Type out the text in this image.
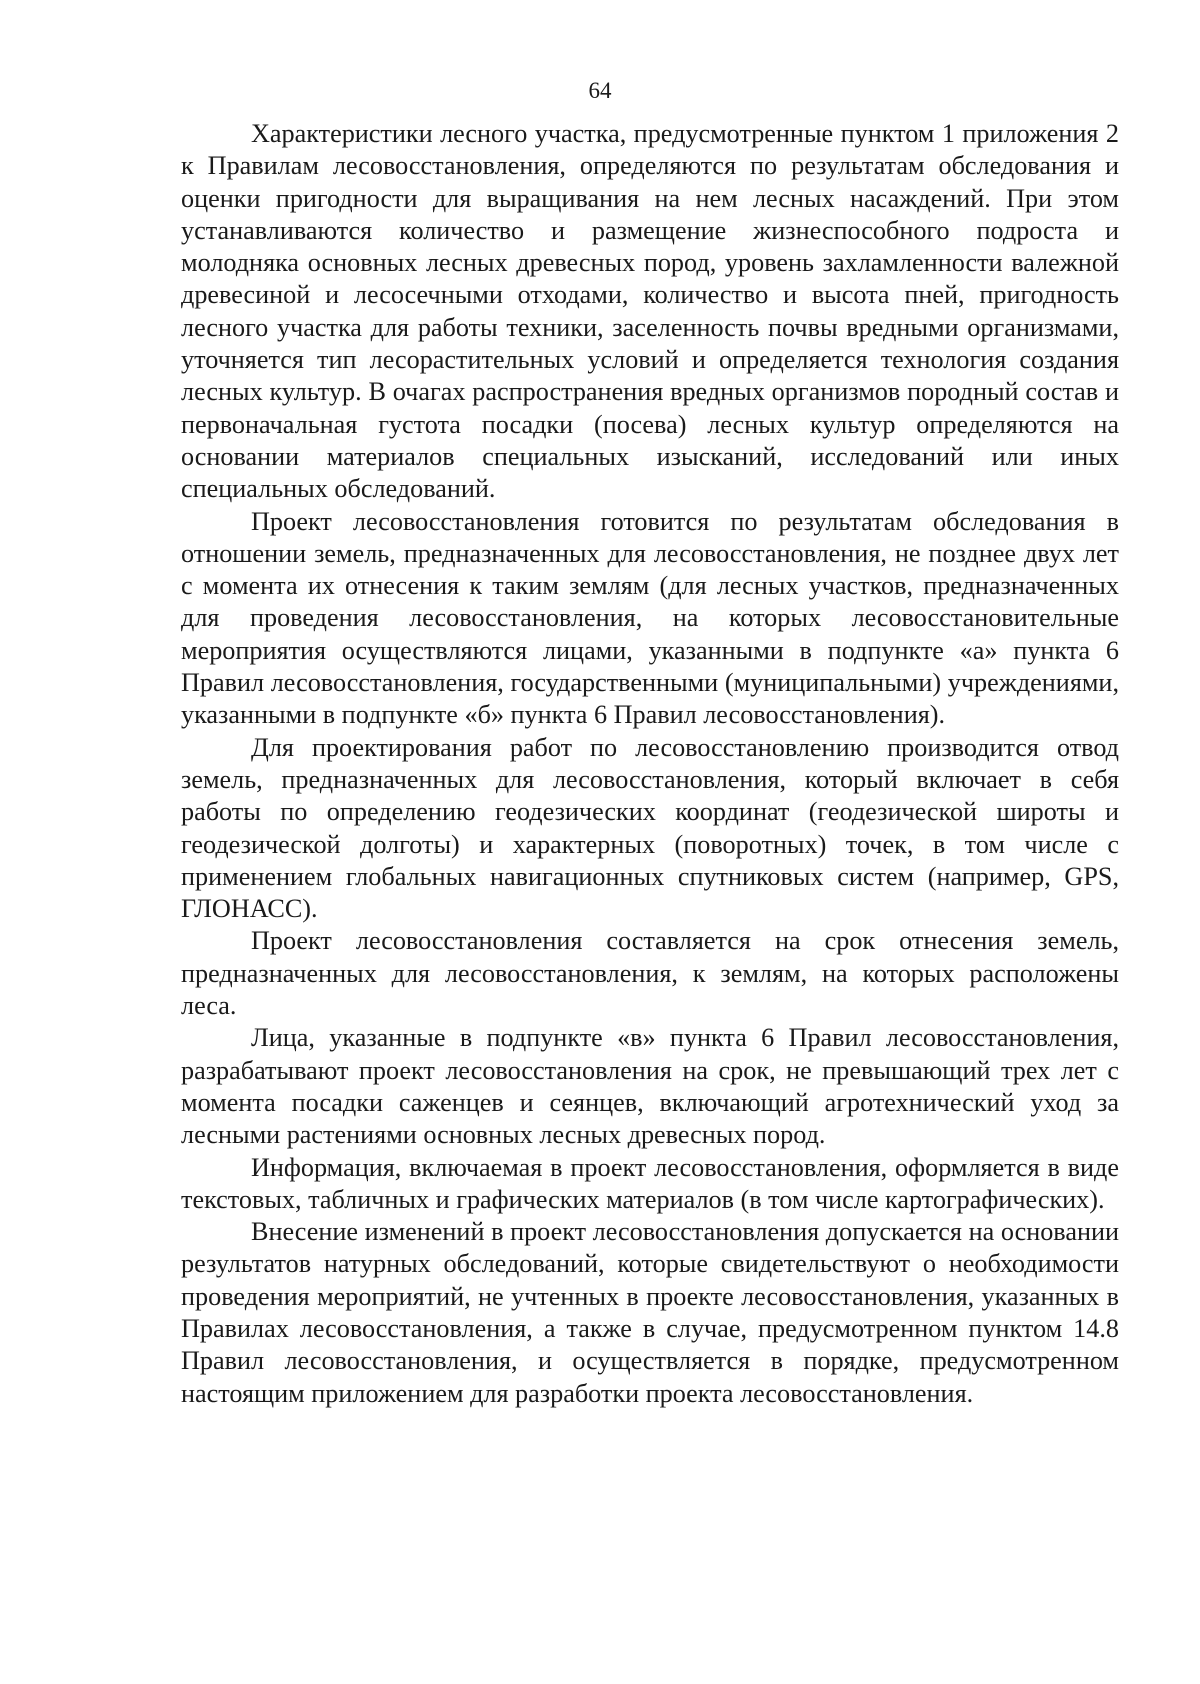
64

Характеристики лесного участка, предусмотренные пунктом 1 приложения 2 к Правилам лесовосстановления, определяются по результатам обследования и оценки пригодности для выращивания на нем лесных насаждений. При этом устанавливаются количество и размещение жизнеспособного подроста и молодняка основных лесных древесных пород, уровень захламленности валежной древесиной и лесосечными отходами, количество и высота пней, пригодность лесного участка для работы техники, заселенность почвы вредными организмами, уточняется тип лесорастительных условий и определяется технология создания лесных культур. В очагах распространения вредных организмов породный состав и первоначальная густота посадки (посева) лесных культур определяются на основании материалов специальных изысканий, исследований или иных специальных обследований.

Проект лесовосстановления готовится по результатам обследования в отношении земель, предназначенных для лесовосстановления, не позднее двух лет с момента их отнесения к таким землям (для лесных участков, предназначенных для проведения лесовосстановления, на которых лесовосстановительные мероприятия осуществляются лицами, указанными в подпункте «а» пункта 6 Правил лесовосстановления, государственными (муниципальными) учреждениями, указанными в подпункте «б» пункта 6 Правил лесовосстановления).

Для проектирования работ по лесовосстановлению производится отвод земель, предназначенных для лесовосстановления, который включает в себя работы по определению геодезических координат (геодезической широты и геодезической долготы) и характерных (поворотных) точек, в том числе с применением глобальных навигационных спутниковых систем (например, GPS, ГЛОНАСС).

Проект лесовосстановления составляется на срок отнесения земель, предназначенных для лесовосстановления, к землям, на которых расположены леса.

Лица, указанные в подпункте «в» пункта 6 Правил лесовосстановления, разрабатывают проект лесовосстановления на срок, не превышающий трех лет с момента посадки саженцев и сеянцев, включающий агротехнический уход за лесными растениями основных лесных древесных пород.

Информация, включаемая в проект лесовосстановления, оформляется в виде текстовых, табличных и графических материалов (в том числе картографических).

Внесение изменений в проект лесовосстановления допускается на основании результатов натурных обследований, которые свидетельствуют о необходимости проведения мероприятий, не учтенных в проекте лесовосстановления, указанных в Правилах лесовосстановления, а также в случае, предусмотренном пунктом 14.8 Правил лесовосстановления, и осуществляется в порядке, предусмотренном настоящим приложением для разработки проекта лесовосстановления.
